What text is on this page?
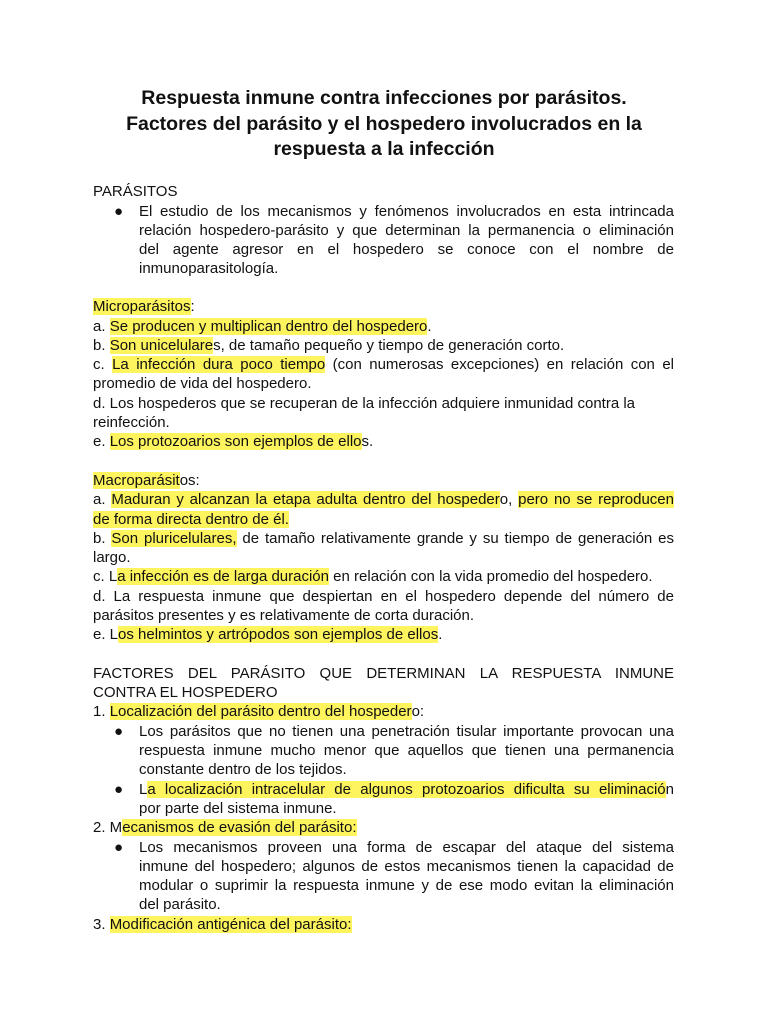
Respuesta inmune contra infecciones por parásitos.
Factores del parásito y el hospedero involucrados en la
respuesta a la infección
PARÁSITOS
● El estudio de los mecanismos y fenómenos involucrados en esta intrincada
relación hospedero-parásito y que determinan la permanencia o eliminación
del agente agresor en el hospedero se conoce con el nombre de
inmunoparasitología.
Microparásitos:
a. Se producen y multiplican dentro del hospedero.
b. Son unicelulares, de tamaño pequeño y tiempo de generación corto.
c. La infección dura poco tiempo (con numerosas excepciones) en relación con el
promedio de vida del hospedero.
d. Los hospederos que se recuperan de la infección adquiere inmunidad contra la
reinfección.
e. Los protozoarios son ejemplos de ellos.
Macroparásitos:
a. Maduran y alcanzan la etapa adulta dentro del hospedero, pero no se reproducen
de forma directa dentro de él.
b. Son pluricelulares, de tamaño relativamente grande y su tiempo de generación es
largo.
c. La infección es de larga duración en relación con la vida promedio del hospedero.
d. La respuesta inmune que despiertan en el hospedero depende del número de
parásitos presentes y es relativamente de corta duración.
e. Los helmintos y artrópodos son ejemplos de ellos.
FACTORES DEL PARÁSITO QUE DETERMINAN LA RESPUESTA INMUNE
CONTRA EL HOSPEDERO
1. Localización del parásito dentro del hospedero:
● Los parásitos que no tienen una penetración tisular importante provocan una
respuesta inmune mucho menor que aquellos que tienen una permanencia
constante dentro de los tejidos.
● La localización intracelular de algunos protozoarios dificulta su eliminación
por parte del sistema inmune.
2. Mecanismos de evasión del parásito:
● Los mecanismos proveen una forma de escapar del ataque del sistema
inmune del hospedero; algunos de estos mecanismos tienen la capacidad de
modular o suprimir la respuesta inmune y de ese modo evitan la eliminación
del parásito.
3. Modificación antigénica del parásito:
